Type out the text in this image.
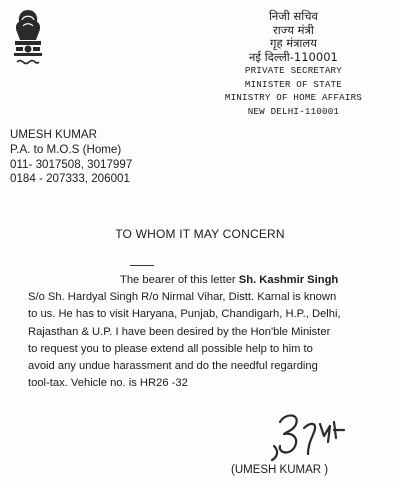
निजी सचिव
राज्य मंत्री
गृह मंत्रालय
नई दिल्ली-110001
PRIVATE SECRETARY
MINISTER OF STATE
MINISTRY OF HOME AFFAIRS
NEW DELHI-110001
UMESH KUMAR
P.A. to M.O.S (Home)
011- 3017508, 3017997
0184 - 207333, 206001
TO WHOM IT MAY CONCERN
The bearer of this letter Sh. Kashmir Singh
S/o Sh. Hardyal Singh R/o Nirmal Vihar, Distt. Karnal is known
to us. He has to visit Haryana, Punjab, Chandigarh, H.P., Delhi,
Rajasthan & U.P. I have been desired by the Hon'ble Minister
to request you to please extend all possible help to him to
avoid any undue harassment and do the needful regarding
tool-tax. Vehicle no. is HR26 -32
(UMESH KUMAR )
